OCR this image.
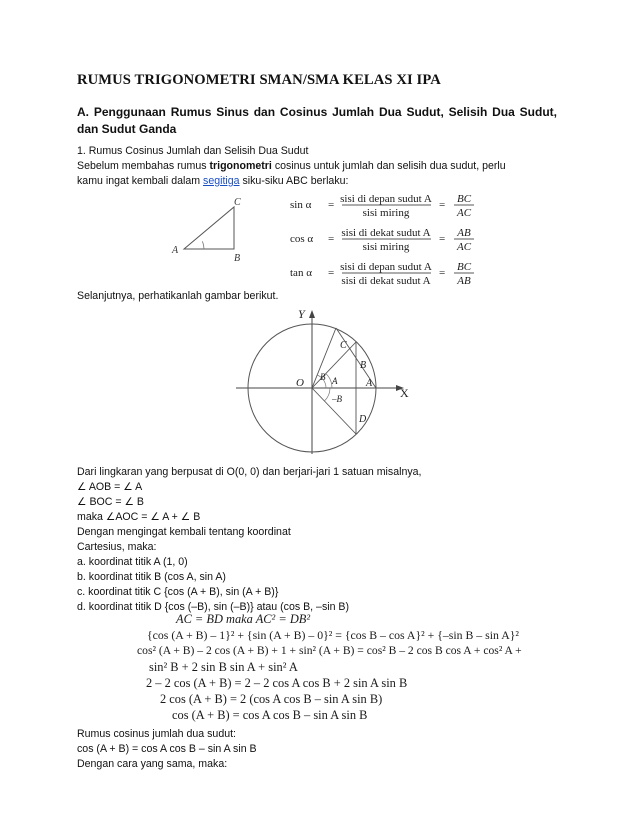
RUMUS TRIGONOMETRI SMAN/SMA KELAS XI IPA
A. Penggunaan Rumus Sinus dan Cosinus Jumlah Dua Sudut, Selisih Dua Sudut, dan Sudut Ganda
1. Rumus Cosinus Jumlah dan Selisih Dua Sudut
Sebelum membahas rumus trigonometri cosinus untuk jumlah dan selisih dua sudut, perlu
kamu ingat kembali dalam segitiga siku-siku ABC berlaku:
A
B
C	sin α = sisi di depan sudut A
sisi miring
= BC
AC
cos α = sisi di dekat sudut A
sisi miring
= AB
AC
tan α = sisi di depan sudut A
sisi di dekat sudut A
= BC
AB
Selanjutnya, perhatikanlah gambar berikut.
Y
X
O
C
B
A
–B
B A
D
Dari lingkaran yang berpusat di O(0, 0) dan berjari-jari 1 satuan misalnya,
∠ AOB = ∠ A
∠ BOC = ∠ B
maka ∠AOC = ∠ A + ∠ B
Dengan mengingat kembali tentang koordinat
Cartesius, maka:
a. koordinat titik A (1, 0)
b. koordinat titik B (cos A, sin A)
c. koordinat titik C {cos (A + B), sin (A + B)}
d. koordinat titik D {cos (–B), sin (–B)} atau (cos B, –sin B)
AC = BD maka AC² = DB²
{cos (A + B) – 1}² + {sin (A + B) – 0}² = {cos B – cos A}² + {–sin B – sin A}²
cos² (A + B) – 2 cos (A + B) + 1 + sin² (A + B) = cos² B – 2 cos B cos A + cos² A +
sin² B + 2 sin B sin A + sin² A
2 – 2 cos (A + B) = 2 – 2 cos A cos B + 2 sin A sin B
2 cos (A + B) = 2 (cos A cos B – sin A sin B)
cos (A + B) = cos A cos B – sin A sin B
Rumus cosinus jumlah dua sudut:
cos (A + B) = cos A cos B – sin A sin B
Dengan cara yang sama, maka:
